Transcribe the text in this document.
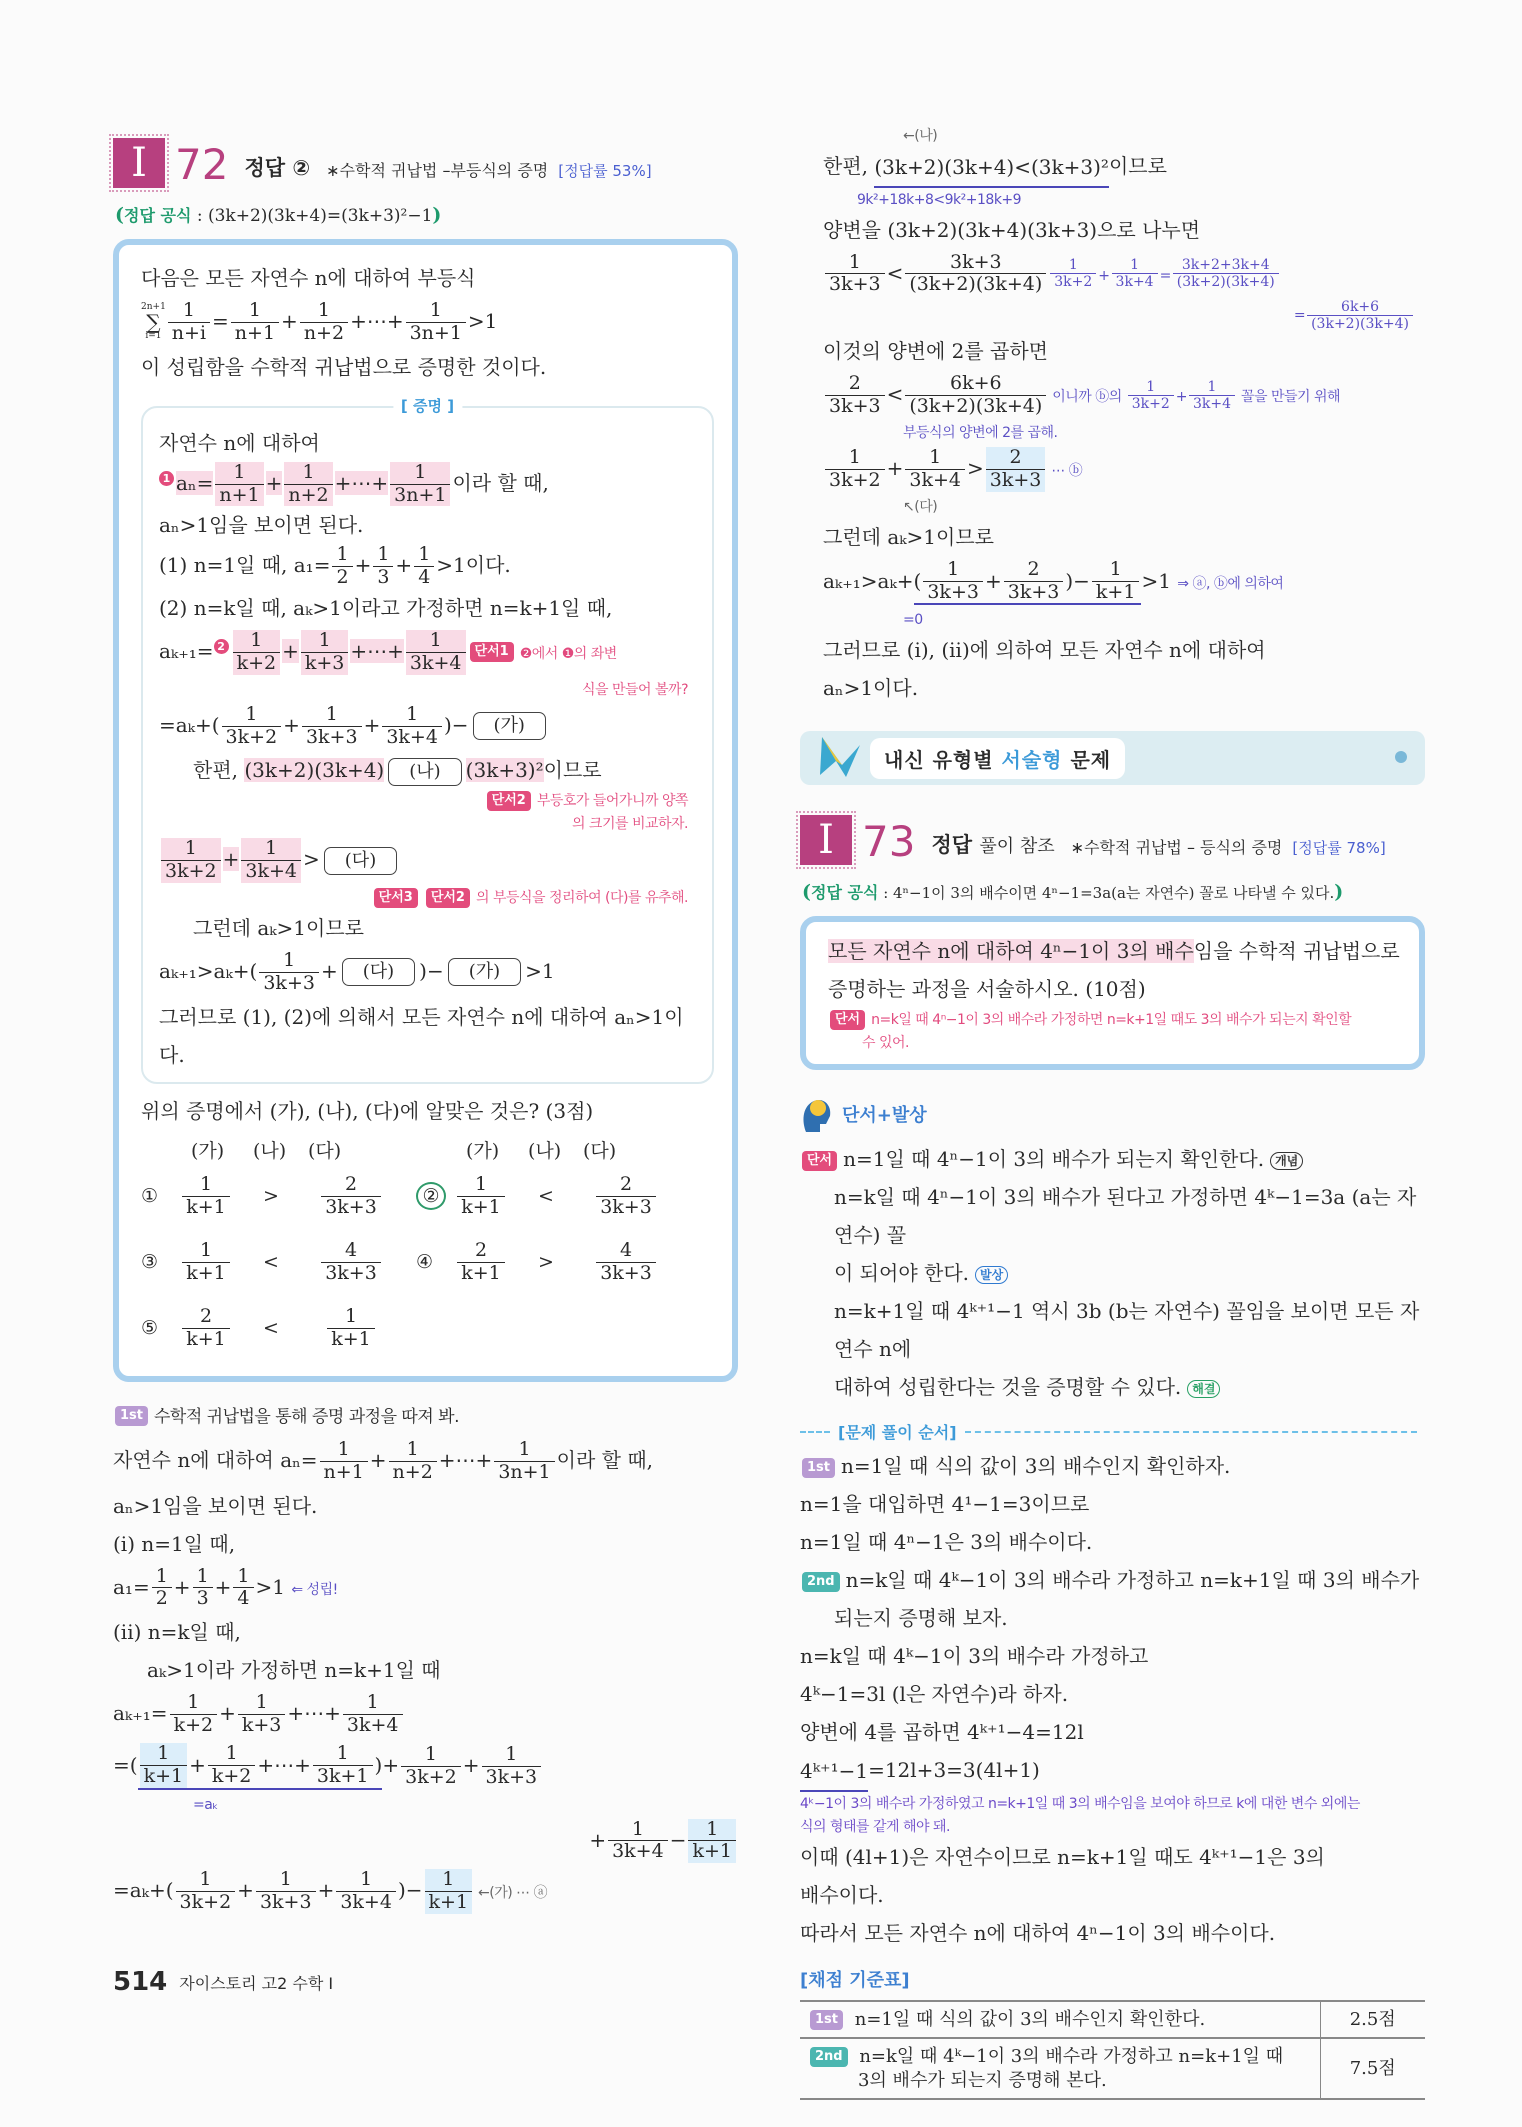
I 72 정답 ② ∗수학적 귀납법 –부등식의 증명 [정답률 53%]
(정답 공식 : (3k+2)(3k+4)=(3k+3)²−1)
다음은 모든 자연수 n에 대하여 부등식
2n+1
∑
$i=1 \frac{1}{n+i} = \frac{1}{n+1} + \frac{1}{n+2}$ +⋯+ $\frac{1}{3n+1} >1$
이 성립함을 수학적 귀납법으로 증명한 것이다.
[ 증명 ]
자연수 n에 대하여
1 $a_n= \frac{1}{n+1} + \frac{1}{n+2}$ +⋯+ $\frac{1}{3n+1}$ 이라 할 때,
aₙ>1임을 보이면 된다.
(1) n=1일 때, $a_1= \frac{1}{2} + \frac{1}{3} + \frac{1}{4} >1$이다.
(2) n=k일 때, aₖ>1이라고 가정하면 n=k+1일 때,
$a_{k+1}= 2 \frac{1}{k+2} + \frac{1}{k+3}$ +⋯+ $\frac{1}{3k+4}$ 단서1 ❷에서 ❶의 좌변
식을 만들어 볼까?
$=a_k+( \frac{1}{3k+2} + \frac{1}{3k+3} + \frac{1}{3k+4}$ )− (가)
한편, (3k+2)(3k+4) (나) (3k+3)²이므로
단서2 부등호가 들어가니까 양쪽
의 크기를 비교하자.
$\frac{1}{3k+2} + \frac{1}{3k+4}$ > (다)
단서3 단서2 의 부등식을 정리하여 (다)를 유추해.
그런데 aₖ>1이므로
$a_{k+1}>a_k+( \frac{1}{3k+3}$ + (다) )− (가) >1
그러므로 (1), (2)에 의해서 모든 자연수 n에 대하여 aₙ>1이다.
위의 증명에서 (가), (나), (다)에 알맞은 것은? (3점)
(가)	(나)	(다)	(가)	(나)	(다)
①	$\frac{1}{k+1}$	>	$\frac{2}{3k+3}$	② $\frac{1}{k+1}$	<	$\frac{2}{3k+3}$
③	$\frac{1}{k+1}$	<	$\frac{4}{3k+3}$ ④	$\frac{2}{k+1}$	>	$\frac{4}{3k+3}$
⑤	$\frac{2}{k+1}$	<	$\frac{1}{k+1}$
1st 수학적 귀납법을 통해 증명 과정을 따져 봐.
자연수 n에 대하여 $a_n= \frac{1}{n+1} + \frac{1}{n+2}$ +⋯+ $\frac{1}{3n+1}$ 이라 할 때,
aₙ>1임을 보이면 된다.
(i) n=1일 때,
$a_1= \frac{1}{2} + \frac{1}{3} + \frac{1}{4} >1$ ⇐ 성립!
(ii) n=k일 때,
aₖ>1이라 가정하면 n=k+1일 때
$a_{k+1}= \frac{1}{k+2} + \frac{1}{k+3}$ +⋯+ $\frac{1}{3k+4}$
=( $\frac{1}{k+1} + \frac{1}{k+2}$ +⋯+ $\frac{1}{3k+1}$ ) + $\frac{1}{3k+2} + \frac{1}{3k+3}$
=aₖ
+ $\frac{1}{3k+4} - \frac{1}{k+1}$
$=a_k+( \frac{1}{3k+2} + \frac{1}{3k+3} + \frac{1}{3k+4}$ )− $\frac{1}{k+1}$ ←(가) ⋯ ⓐ
514 자이스토리 고2 수학 Ⅰ
←(나)
한편, (3k+2)(3k+4)<(3k+3)² 이므로
9k²+18k+8<9k²+18k+9
양변을 (3k+2)(3k+4)(3k+3)으로 나누면
$\frac{1}{3k+3} < \frac{3k+3}{(3k+2)(3k+4)} \frac{1}{3k+2} + \frac{1}{3k+4} = \frac{3k+2+3k+4}{(3k+2)(3k+4)}$
= $\frac{6k+6}{(3k+2)(3k+4)}$
이것의 양변에 2를 곱하면
$\frac{2}{3k+3} < \frac{6k+6}{(3k+2)(3k+4)}$ 이니까 ⓑ의 $\frac{1}{3k+2} + \frac{1}{3k+4}$ 꼴을 만들기 위해
부등식의 양변에 2를 곱해.
$\frac{1}{3k+2} + \frac{1}{3k+4} > \frac{2}{3k+3}$ ⋯ ⓑ
↖(다)
그런데 aₖ>1이므로
aₖ₊₁>aₖ+ ( $\frac{1}{3k+3} + \frac{2}{3k+3}$ )− $\frac{1}{k+1} >1$ ⇒ ⓐ, ⓑ에 의하여
=0
그러므로 (i), (ii)에 의하여 모든 자연수 n에 대하여
aₙ>1이다.
내신 유형별 서술형 문제
I 73 정답 풀이 참조 ∗수학적 귀납법 – 등식의 증명 [정답률 78%]
(정답 공식 : 4ⁿ−1이 3의 배수이면 4ⁿ−1=3a(a는 자연수) 꼴로 나타낼 수 있다.)
모든 자연수 n에 대하여 4ⁿ−1이 3의 배수임을 수학적 귀납법으로
증명하는 과정을 서술하시오. (10점)
단서 n=k일 때 4ⁿ−1이 3의 배수라 가정하면 n=k+1일 때도 3의 배수가 되는지 확인할
수 있어.
단서+발상
단서 n=1일 때 4ⁿ−1이 3의 배수가 되는지 확인한다. 개념
n=k일 때 4ⁿ−1이 3의 배수가 된다고 가정하면 4ᵏ−1=3a (a는 자연수) 꼴
이 되어야 한다. 발상
n=k+1일 때 4ᵏ⁺¹−1 역시 3b (b는 자연수) 꼴임을 보이면 모든 자연수 n에
대하여 성립한다는 것을 증명할 수 있다. 해결
[문제 풀이 순서]
1st n=1일 때 식의 값이 3의 배수인지 확인하자.
n=1을 대입하면 4¹−1=3이므로
n=1일 때 4ⁿ−1은 3의 배수이다.
2nd n=k일 때 4ᵏ−1이 3의 배수라 가정하고 n=k+1일 때 3의 배수가
되는지 증명해 보자.
n=k일 때 4ᵏ−1이 3의 배수라 가정하고
4ᵏ−1=3l (l은 자연수)라 하자.
양변에 4를 곱하면 4ᵏ⁺¹−4=12l
4ᵏ⁺¹−1 =12l+3=3(4l+1)
4ᵏ−1이 3의 배수라 가정하였고 n=k+1일 때 3의 배수임을 보여야 하므로 k에 대한 변수 외에는
식의 형태를 같게 해야 돼.
이때 (4l+1)은 자연수이므로 n=k+1일 때도 4ᵏ⁺¹−1은 3의
배수이다.
따라서 모든 자연수 n에 대하여 4ⁿ−1이 3의 배수이다.
[채점 기준표]
1st n=1일 때 식의 값이 3의 배수인지 확인한다.	2.5점
2nd n=k일 때 4ᵏ−1이 3의 배수라 가정하고 n=k+1일 때
3의 배수가 되는지 증명해 본다.	7.5점
